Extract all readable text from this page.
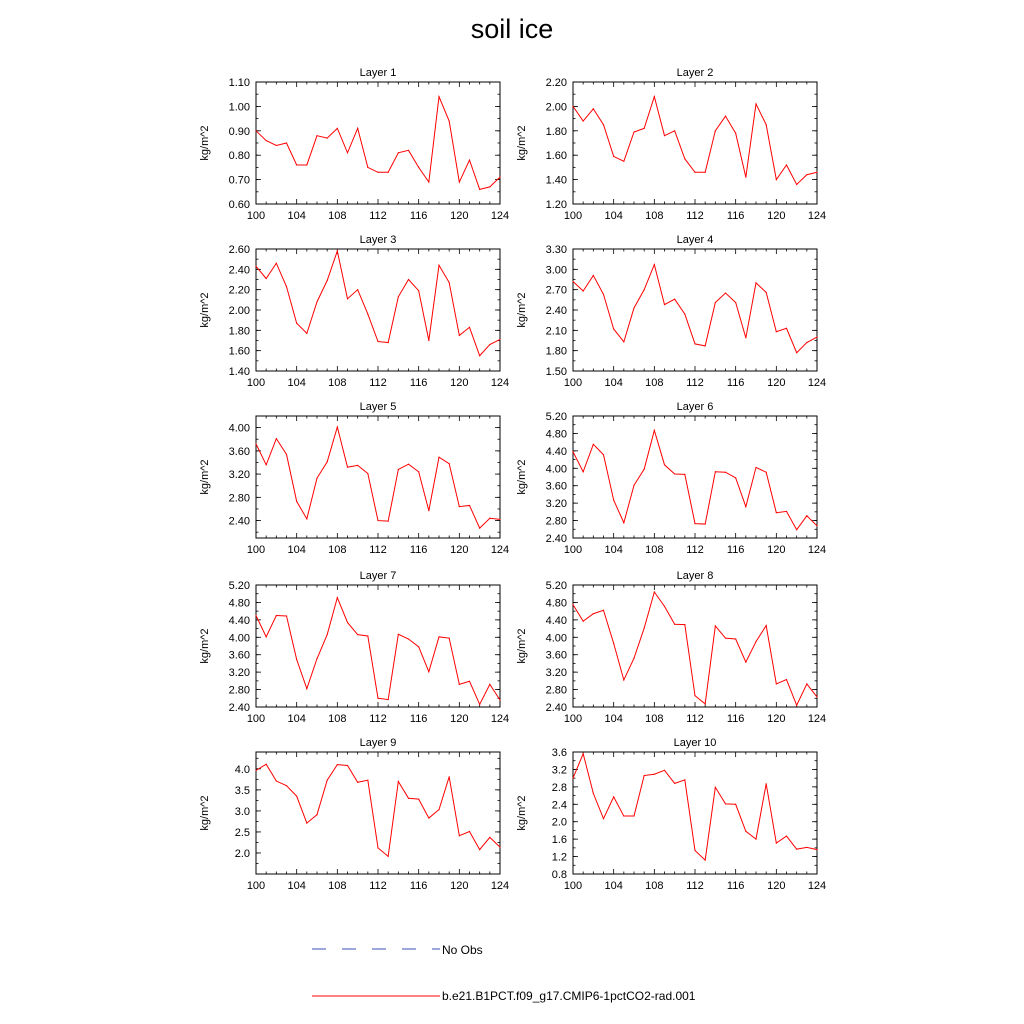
soil ice
Layer 1
kg/m^2
100 104 108 112 116 120 124
0.60
0.70
0.80
0.90
1.00
1.10
Layer 2
kg/m^2
100 104 108 112 116 120 124
1.20
1.40
1.60
1.80
2.00
2.20
Layer 3
kg/m^2
100 104 108 112 116 120 124
1.40
1.60
1.80
2.00
2.20
2.40
2.60
Layer 4
kg/m^2
100 104 108 112 116 120 124
1.50
1.80
2.10
2.40
2.70
3.00
3.30
Layer 5
kg/m^2
100 104 108 112 116 120 124
2.40
2.80
3.20
3.60
4.00
Layer 6
kg/m^2
100 104 108 112 116 120 124
2.40
2.80
3.20
3.60
4.00
4.40
4.80
5.20
Layer 7
kg/m^2
100 104 108 112 116 120 124
2.40
2.80
3.20
3.60
4.00
4.40
4.80
5.20
Layer 8
kg/m^2
100 104 108 112 116 120 124
2.40
2.80
3.20
3.60
4.00
4.40
4.80
5.20
Layer 9
kg/m^2
100 104 108 112 116 120 124
2.0
2.5
3.0
3.5
4.0
Layer 10
kg/m^2
100 104 108 112 116 120 124
0.8
1.2
1.6
2.0
2.4
2.8
3.2
3.6
No Obs
b.e21.B1PCT.f09_g17.CMIP6-1pctCO2-rad.001
